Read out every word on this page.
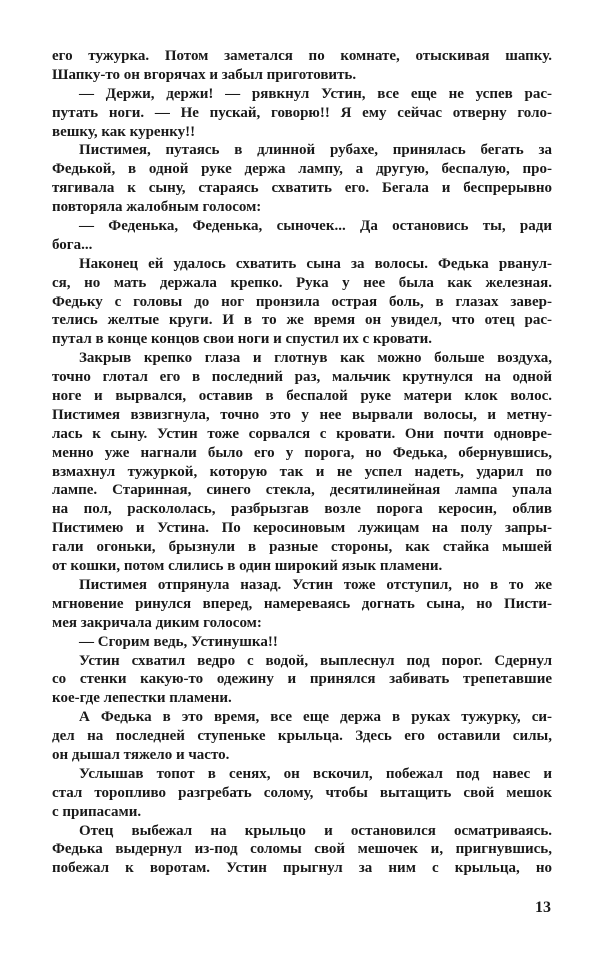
его тужурка. Потом заметался по комнате, отыскивая шапку.
Шапку-то он вгорячах и забыл приготовить.
— Держи, держи! — рявкнул Устин, все еще не успев рас-
путать ноги. — Не пускай, говорю!! Я ему сейчас отверну голо-
вешку, как куренку!!
Пистимея, путаясь в длинной рубахе, принялась бегать за
Федькой, в одной руке держа лампу, а другую, беспалую, про-
тягивала к сыну, стараясь схватить его. Бегала и беспрерывно
повторяла жалобным голосом:
— Феденька, Феденька, сыночек... Да остановись ты, ради
бога...
Наконец ей удалось схватить сына за волосы. Федька рванул-
ся, но мать держала крепко. Рука у нее была как железная.
Федьку с головы до ног пронзила острая боль, в глазах завер-
телись желтые круги. И в то же время он увидел, что отец рас-
путал в конце концов свои ноги и спустил их с кровати.
Закрыв крепко глаза и глотнув как можно больше воздуха,
точно глотал его в последний раз, мальчик крутнулся на одной
ноге и вырвался, оставив в беспалой руке матери клок волос.
Пистимея взвизгнула, точно это у нее вырвали волосы, и метну-
лась к сыну. Устин тоже сорвался с кровати. Они почти одновре-
менно уже нагнали было его у порога, но Федька, обернувшись,
взмахнул тужуркой, которую так и не успел надеть, ударил по
лампе. Старинная, синего стекла, десятилинейная лампа упала
на пол, раскололась, разбрызгав возле порога керосин, облив
Пистимею и Устина. По керосиновым лужицам на полу запры-
гали огоньки, брызнули в разные стороны, как стайка мышей
от кошки, потом слились в один широкий язык пламени.
Пистимея отпрянула назад. Устин тоже отступил, но в то же
мгновение ринулся вперед, намереваясь догнать сына, но Писти-
мея закричала диким голосом:
— Сгорим ведь, Устинушка!!
Устин схватил ведро с водой, выплеснул под порог. Сдернул
со стенки какую-то одежину и принялся забивать трепетавшие
кое-где лепестки пламени.
А Федька в это время, все еще держа в руках тужурку, си-
дел на последней ступеньке крыльца. Здесь его оставили силы,
он дышал тяжело и часто.
Услышав топот в сенях, он вскочил, побежал под навес и
стал торопливо разгребать солому, чтобы вытащить свой мешок
с припасами.
Отец выбежал на крыльцо и остановился осматриваясь.
Федька выдернул из-под соломы свой мешочек и, пригнувшись,
побежал к воротам. Устин прыгнул за ним с крыльца, но
13
